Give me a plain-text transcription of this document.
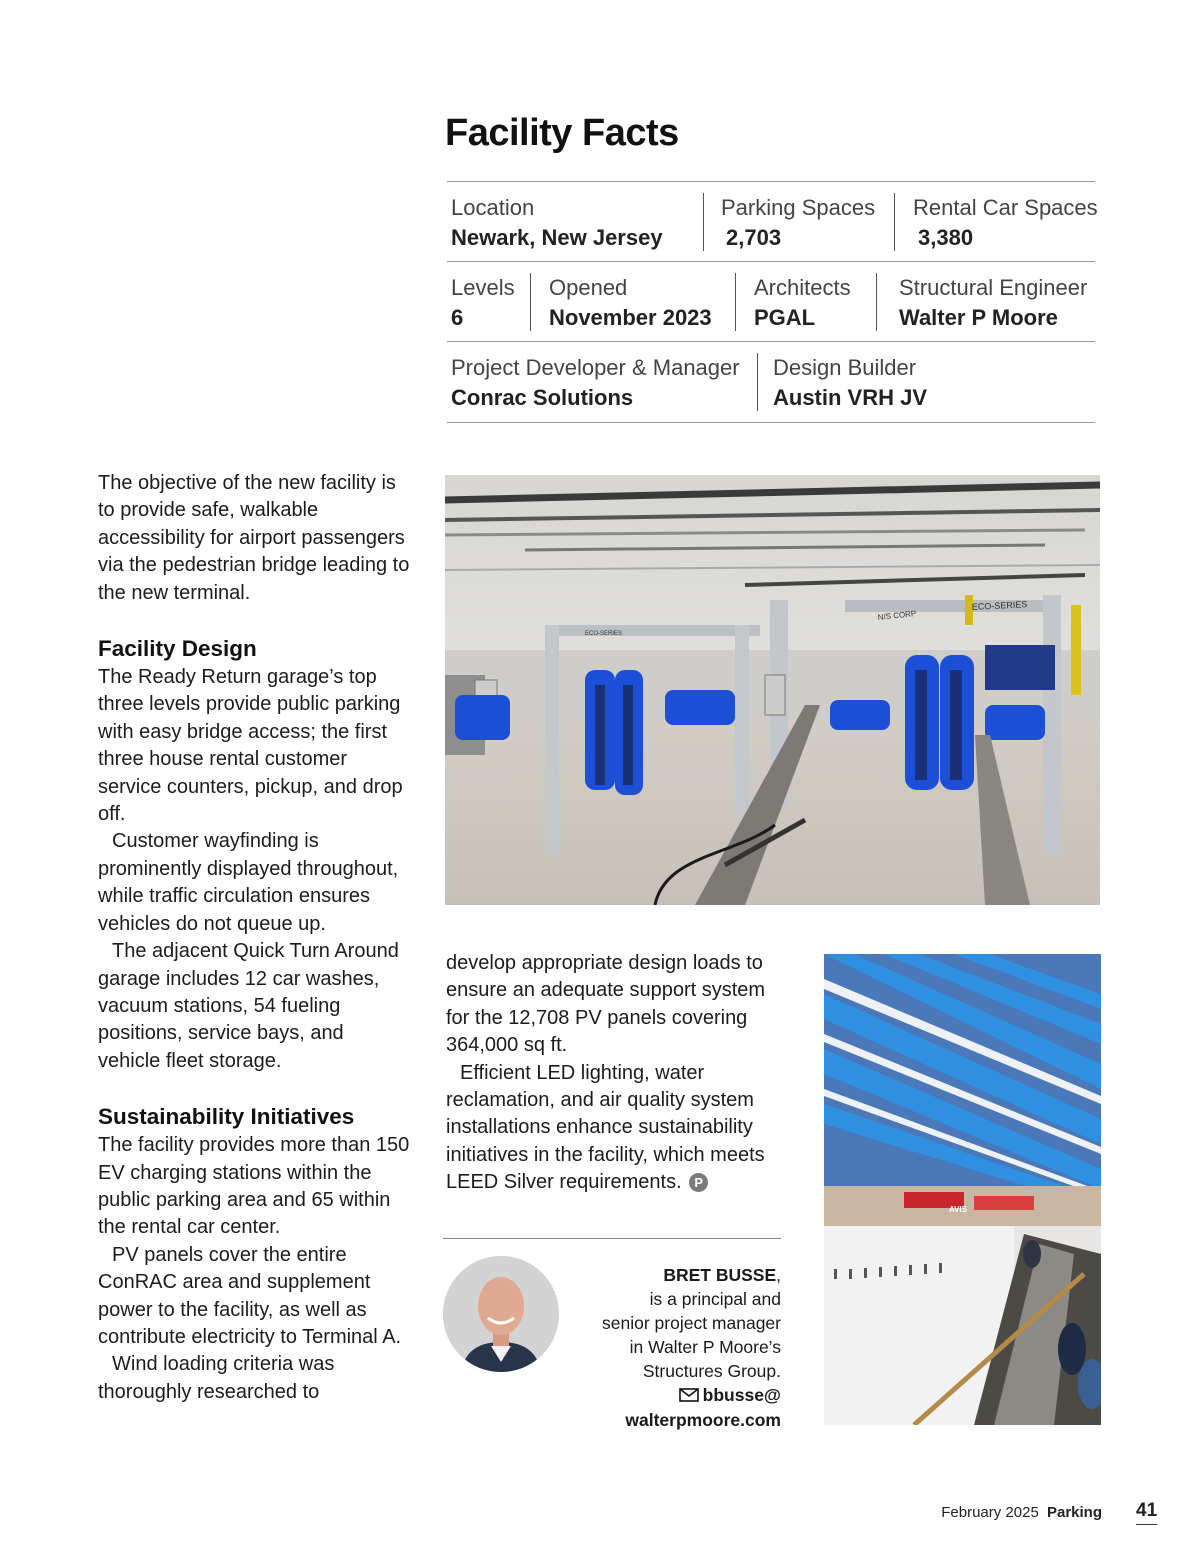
Facility Facts
Location
Newark, New Jersey
Parking Spaces
2,703
Rental Car Spaces
3,380
Levels
6
Opened
November 2023
Architects
PGAL
Structural Engineer
Walter P Moore
Project Developer & Manager
Conrac Solutions
Design Builder
Austin VRH JV

The objective of the new facility is to provide safe, walkable accessibility for airport passengers via the pedestrian bridge leading to the new terminal.

Facility Design

The Ready Return garage’s top three levels provide public parking with easy bridge access; the first three house rental customer service counters, pickup, and drop off.

Customer wayfinding is prominently displayed throughout, while traffic circulation ensures vehicles do not queue up.

The adjacent Quick Turn Around garage includes 12 car washes, vacuum stations, 54 fueling positions, service bays, and vehicle fleet storage.

Sustainability Initiatives

The facility provides more than 150 EV charging stations within the public parking area and 65 within the rental car center.

PV panels cover the entire ConRAC area and supplement power to the facility, as well as contribute electricity to Terminal A.

Wind loading criteria was thoroughly researched to

ECO-SERIES
N/S CORP
ECO-SERIES

develop appropriate design loads to ensure an adequate support system for the 12,708 PV panels covering 364,000 sq ft.

Efficient LED lighting, water reclamation, and air quality system installations enhance sustainability initiatives in the facility, which meets LEED Silver requirements. P

AVIS
BRET BUSSE,
is a principal and
senior project manager
in Walter P Moore’s
Structures Group.
bbusse@
walterpmoore.com
February 2025 Parking 41
